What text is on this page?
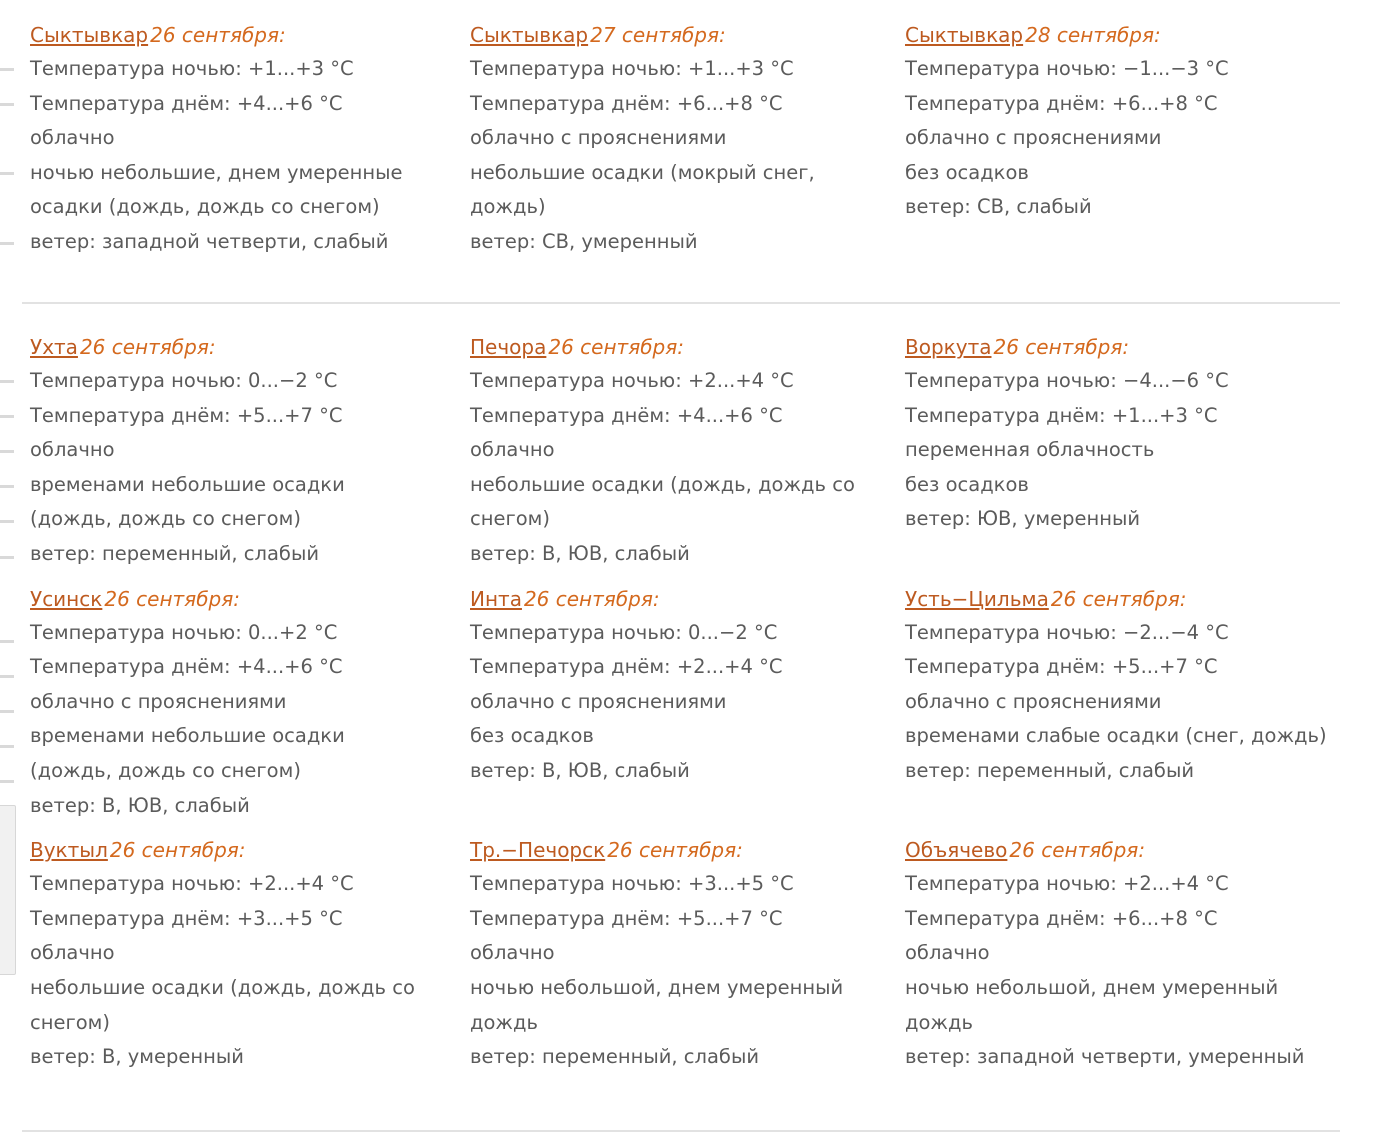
Сыктывкар 26 сентября:
Температура ночью: +1...+3 °C
Температура днём: +4...+6 °C
облачно
ночью небольшие, днем умеренные осадки (дождь, дождь со снегом)
ветер: западной четверти, слабый
Сыктывкар 27 сентября:
Температура ночью: +1...+3 °C
Температура днём: +6...+8 °C
облачно с прояснениями
небольшие осадки (мокрый снег, дождь)
ветер: СВ, умеренный
Сыктывкар 28 сентября:
Температура ночью: −1...−3 °C
Температура днём: +6...+8 °C
облачно с прояснениями
без осадков
ветер: СВ, слабый
Ухта 26 сентября:
Температура ночью: 0...−2 °C
Температура днём: +5...+7 °C
облачно
временами небольшие осадки (дождь, дождь со снегом)
ветер: переменный, слабый
Печора 26 сентября:
Температура ночью: +2...+4 °C
Температура днём: +4...+6 °C
облачно
небольшие осадки (дождь, дождь со снегом)
ветер: В, ЮВ, слабый
Воркута 26 сентября:
Температура ночью: −4...−6 °C
Температура днём: +1...+3 °C
переменная облачность
без осадков
ветер: ЮВ, умеренный
Усинск 26 сентября:
Температура ночью: 0...+2 °C
Температура днём: +4...+6 °C
облачно с прояснениями
временами небольшие осадки (дождь, дождь со снегом)
ветер: В, ЮВ, слабый
Инта 26 сентября:
Температура ночью: 0...−2 °C
Температура днём: +2...+4 °C
облачно с прояснениями
без осадков
ветер: В, ЮВ, слабый
Усть−Цильма 26 сентября:
Температура ночью: −2...−4 °C
Температура днём: +5...+7 °C
облачно с прояснениями
временами слабые осадки (снег, дождь)
ветер: переменный, слабый
Вуктыл 26 сентября:
Температура ночью: +2...+4 °C
Температура днём: +3...+5 °C
облачно
небольшие осадки (дождь, дождь со снегом)
ветер: В, умеренный
Тр.−Печорск 26 сентября:
Температура ночью: +3...+5 °C
Температура днём: +5...+7 °C
облачно
ночью небольшой, днем умеренный дождь
ветер: переменный, слабый
Объячево 26 сентября:
Температура ночью: +2...+4 °C
Температура днём: +6...+8 °C
облачно
ночью небольшой, днем умеренный дождь
ветер: западной четверти, умеренный
